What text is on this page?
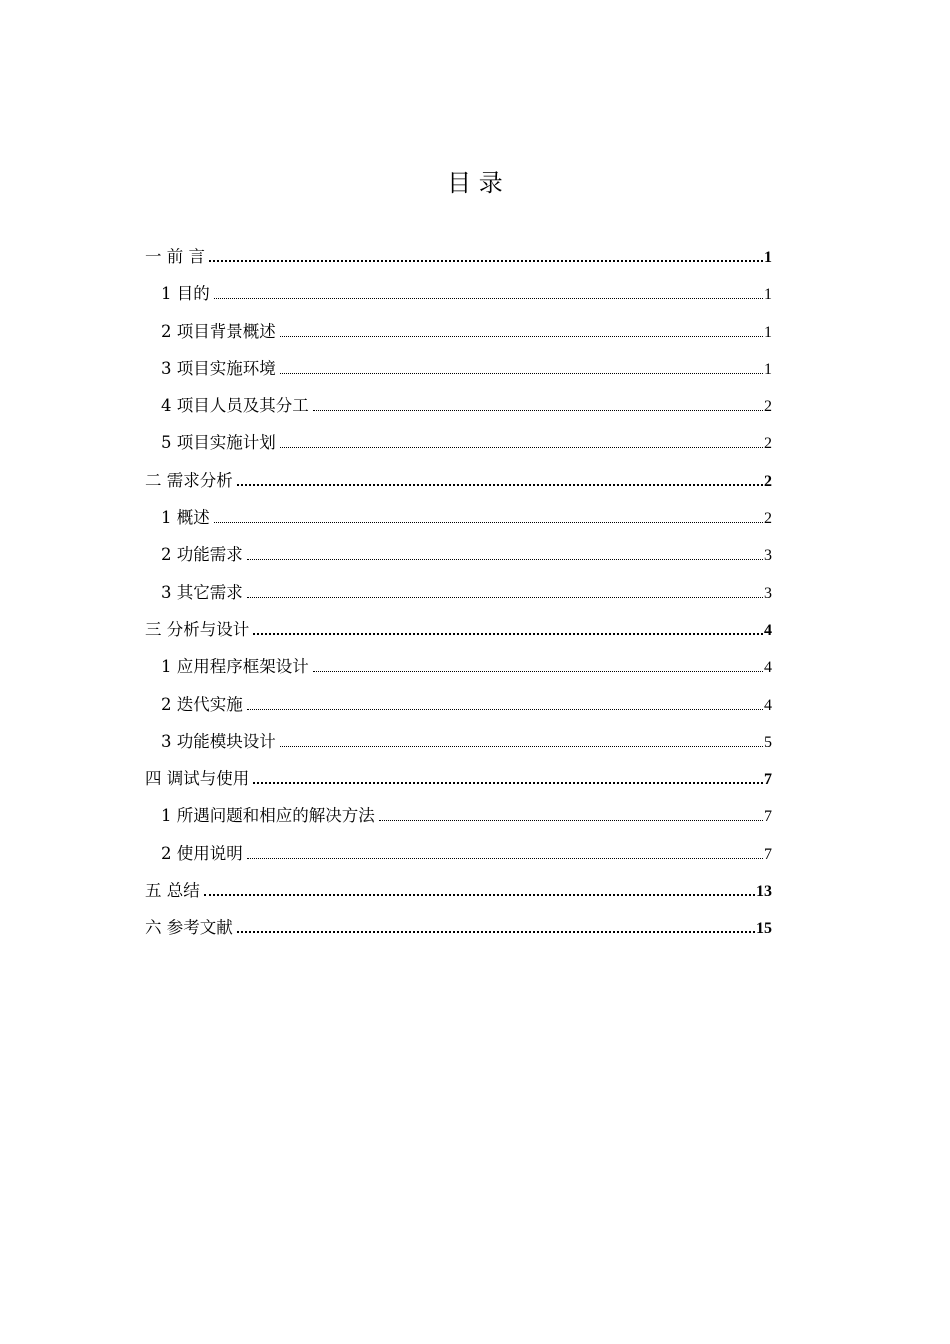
目 录
一 前 言	1
1 目的	1
2 项目背景概述	1
3 项目实施环境	1
4 项目人员及其分工	2
5 项目实施计划	2
二 需求分析	2
1 概述	2
2 功能需求	3
3 其它需求	3
三 分析与设计	4
1 应用程序框架设计	4
2 迭代实施	4
3 功能模块设计	5
四 调试与使用	7
1 所遇问题和相应的解决方法	7
2 使用说明	7
五 总结	13
六 参考文献	15
